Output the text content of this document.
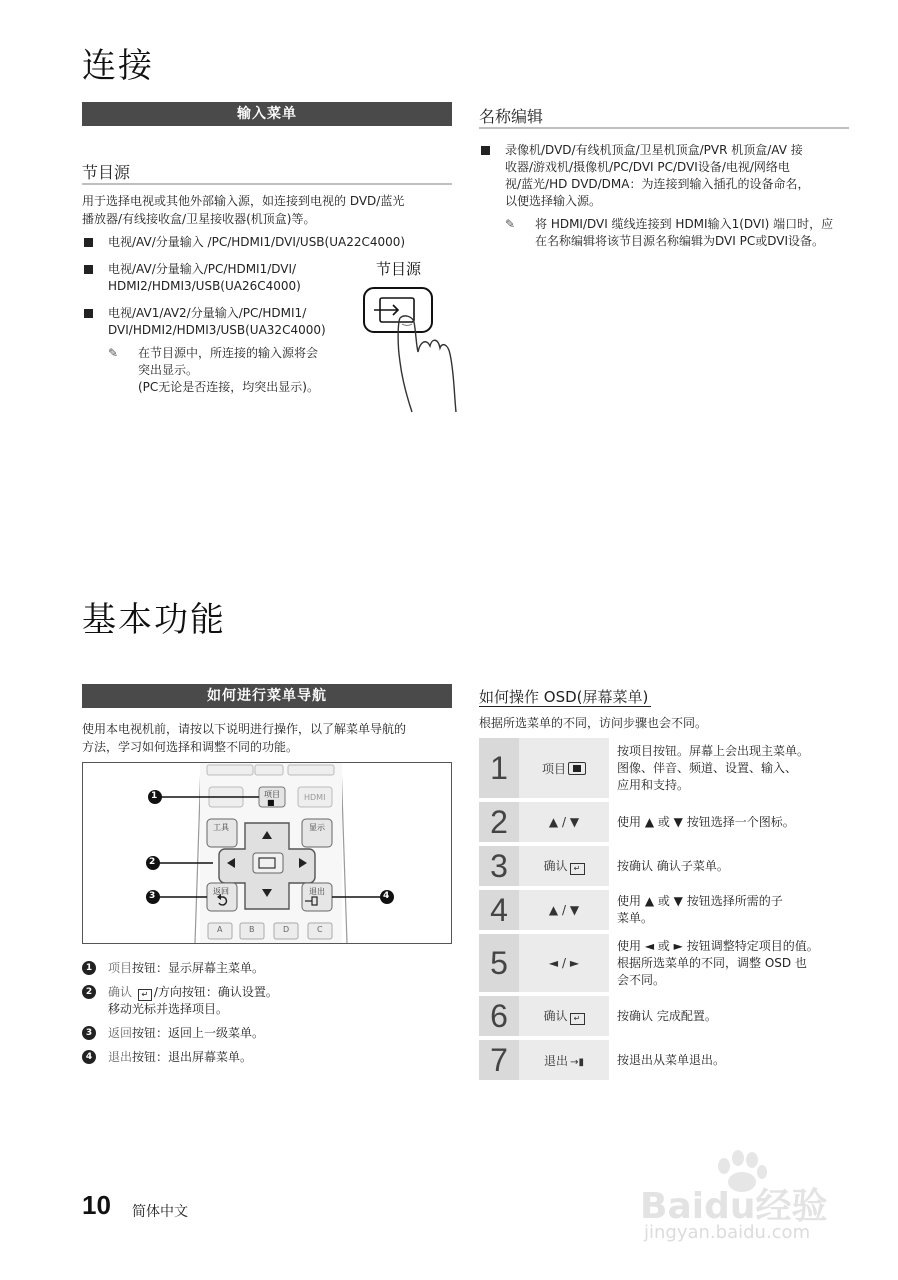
连接
输入菜单
节目源
用于选择电视或其他外部输入源，如连接到电视的 DVD/蓝光
播放器/有线接收盒/卫星接收器(机顶盒)等。
电视/AV/分量输入 /PC/HDMI1/DVI/USB(UA22C4000)
电视/AV/分量输入/PC/HDMI1/DVI/
HDMI2/HDMI3/USB(UA26C4000)
电视/AV1/AV2/分量输入/PC/HDMI1/
DVI/HDMI2/HDMI3/USB(UA32C4000)
✎ 在节目源中，所连接的输入源将会
突出显示。
(PC无论是否连接，均突出显示)。
节目源
名称编辑
录像机/DVD/有线机顶盒/卫星机顶盒/PVR 机顶盒/AV 接
收器/游戏机/摄像机/PC/DVI PC/DVI设备/电视/网络电
视/蓝光/HD DVD/DMA：为连接到输入插孔的设备命名，
以便选择输入源。
✎ 将 HDMI/DVI 缆线连接到 HDMI输入1(DVI) 端口时，应
在名称编辑将该节目源名称编辑为DVI PC或DVI设备。
基本功能
如何进行菜单导航
使用本电视机前，请按以下说明进行操作，以了解菜单导航的
方法，学习如何选择和调整不同的功能。
项目
■
HDMI
工具	显示
返回	退出
A	B	D	C
1
2
3	4
1	项目按钮：显示屏幕主菜单。
2	确认 ↵ /方向按钮：确认设置。
移动光标并选择项目。
3	返回按钮：返回上一级菜单。
4	退出按钮：退出屏幕菜单。
如何操作 OSD(屏幕菜单)
根据所选菜单的不同，访问步骤也会不同。
1	项目	按项目按钮。屏幕上会出现主菜单。
图像、伴音、频道、设置、输入、
应用和支持。

2	▲ / ▼	使用 ▲ 或 ▼ 按钮选择一个图标。

3	确认 ↵	按确认 确认子菜单。

4	▲ / ▼	使用 ▲ 或 ▼ 按钮选择所需的子
菜单。

5	◄ / ►	使用 ◄ 或 ► 按钮调整特定项目的值。
根据所选菜单的不同，调整 OSD 也
会不同。

6	确认 ↵	按确认 完成配置。

7	退出 →▮	按退出从菜单退出。
10 简体中文	Baidu经验
jingyan.baidu.com
